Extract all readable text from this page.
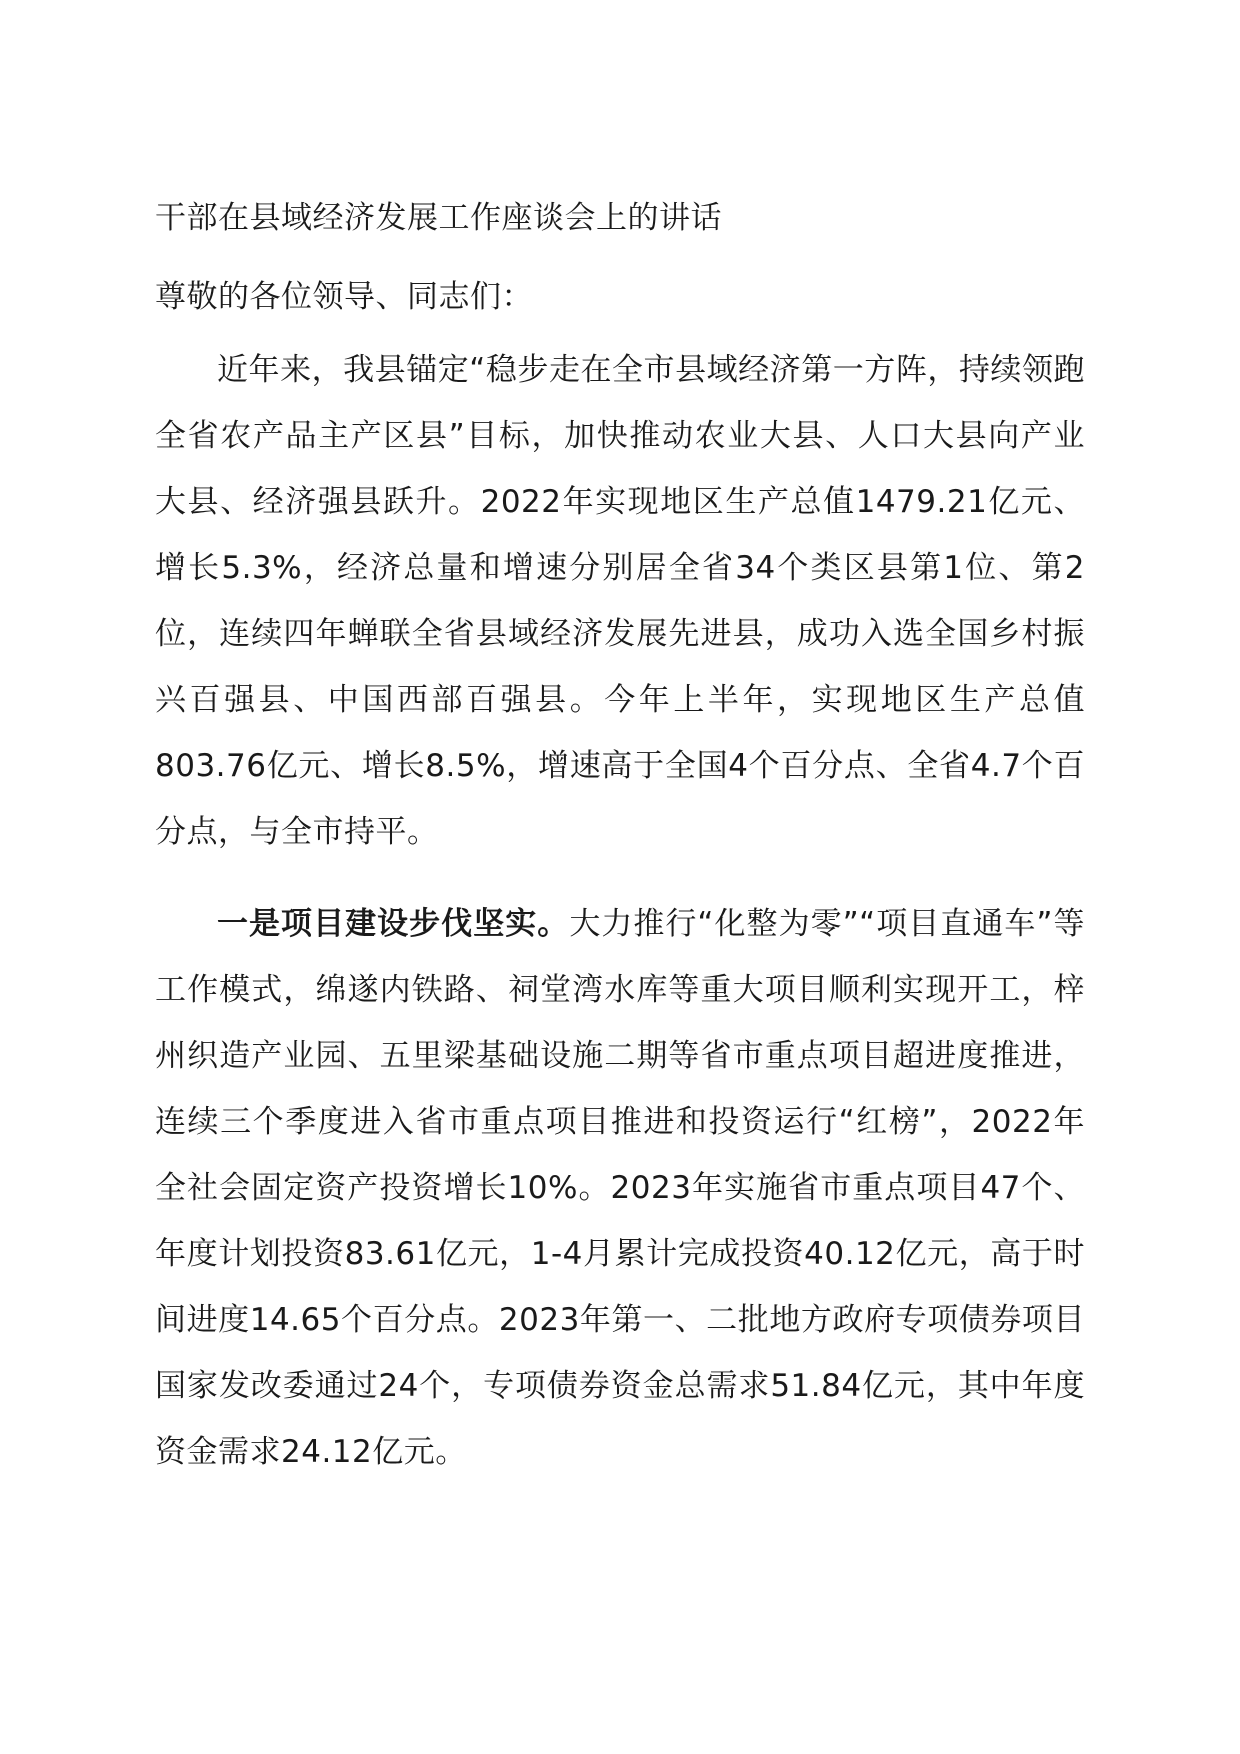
干部在县域经济发展工作座谈会上的讲话

尊敬的各位领导、同志们：

近年来，我县锚定“稳步走在全市县域经济第一方阵，持续领跑全省农产品主产区县”目标，加快推动农业大县、人口大县向产业大县、经济强县跃升。2022年实现地区生产总值1479.21亿元、增长5.3%，经济总量和增速分别居全省34个类区县第1位、第2位，连续四年蝉联全省县域经济发展先进县，成功入选全国乡村振兴百强县、中国西部百强县。今年上半年，实现地区生产总值803.76亿元、增长8.5%，增速高于全国4个百分点、全省4.7个百分点，与全市持平。

一是项目建设步伐坚实。大力推行“化整为零”“项目直通车”等工作模式，绵遂内铁路、祠堂湾水库等重大项目顺利实现开工，梓州织造产业园、五里梁基础设施二期等省市重点项目超进度推进，连续三个季度进入省市重点项目推进和投资运行“红榜”，2022年全社会固定资产投资增长10%。2023年实施省市重点项目47个、年度计划投资83.61亿元，1-4月累计完成投资40.12亿元，高于时间进度14.65个百分点。2023年第一、二批地方政府专项债券项目国家发改委通过24个，专项债券资金总需求51.84亿元，其中年度资金需求24.12亿元。
